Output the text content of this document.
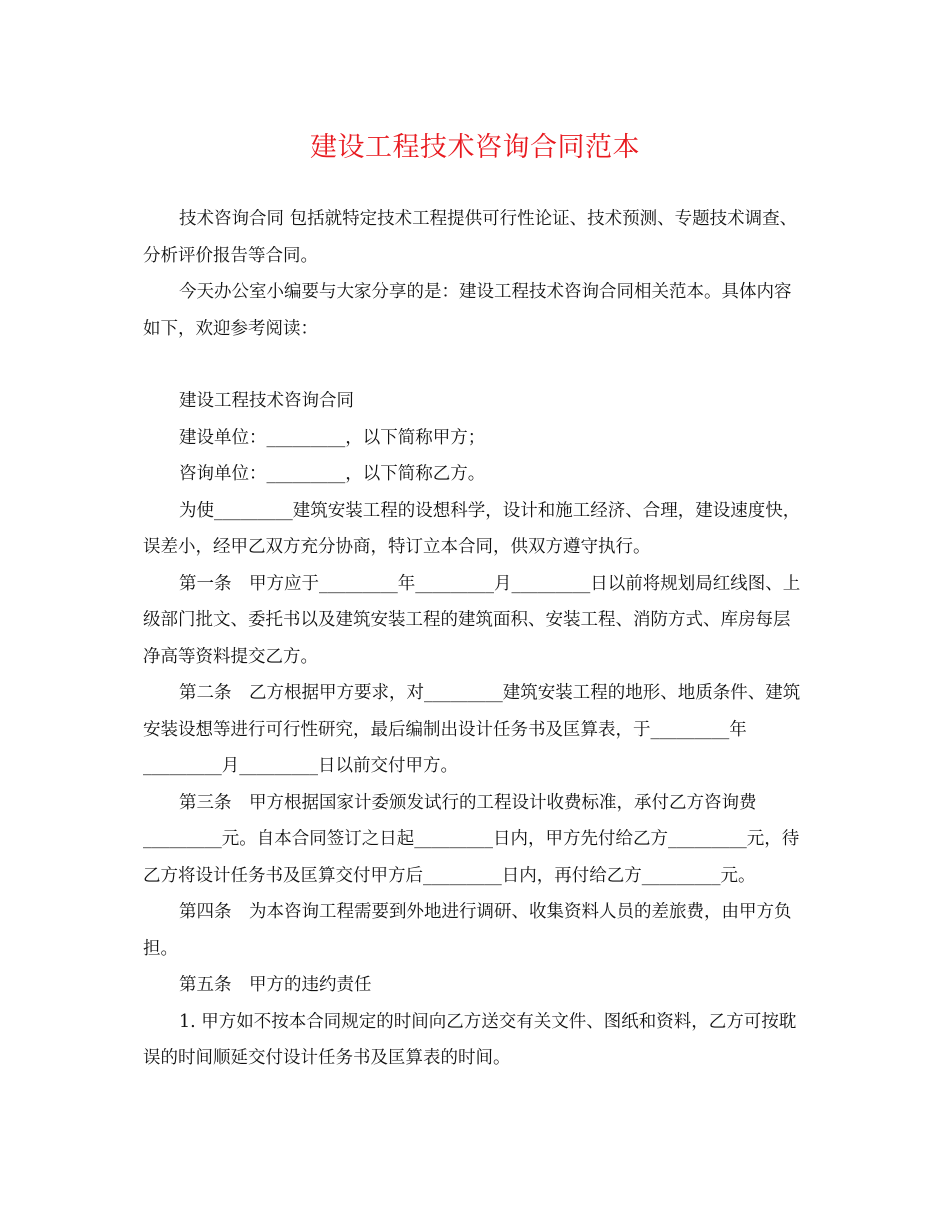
建设工程技术咨询合同范本

技术咨询合同 包括就特定技术工程提供可行性论证、技术预测、专题技术调查、分析评价报告等合同。

今天办公室小编要与大家分享的是：建设工程技术咨询合同相关范本。具体内容如下，欢迎参考阅读：

建设工程技术咨询合同

建设单位：_________，以下简称甲方；

咨询单位：_________，以下简称乙方。

为使_________建筑安装工程的设想科学，设计和施工经济、合理，建设速度快，误差小，经甲乙双方充分协商，特订立本合同，供双方遵守执行。

第一条　甲方应于_________年_________月_________日以前将规划局红线图、上级部门批文、委托书以及建筑安装工程的建筑面积、安装工程、消防方式、库房每层净高等资料提交乙方。

第二条　乙方根据甲方要求，对_________建筑安装工程的地形、地质条件、建筑安装设想等进行可行性研究，最后编制出设计任务书及匡算表，于_________年_________月_________日以前交付甲方。

第三条　甲方根据国家计委颁发试行的工程设计收费标准，承付乙方咨询费_________元。自本合同签订之日起_________日内，甲方先付给乙方_________元，待乙方将设计任务书及匡算交付甲方后_________日内，再付给乙方_________元。

第四条　为本咨询工程需要到外地进行调研、收集资料人员的差旅费，由甲方负担。

第五条　甲方的违约责任

1. 甲方如不按本合同规定的时间向乙方送交有关文件、图纸和资料，乙方可按耽误的时间顺延交付设计任务书及匡算表的时间。
